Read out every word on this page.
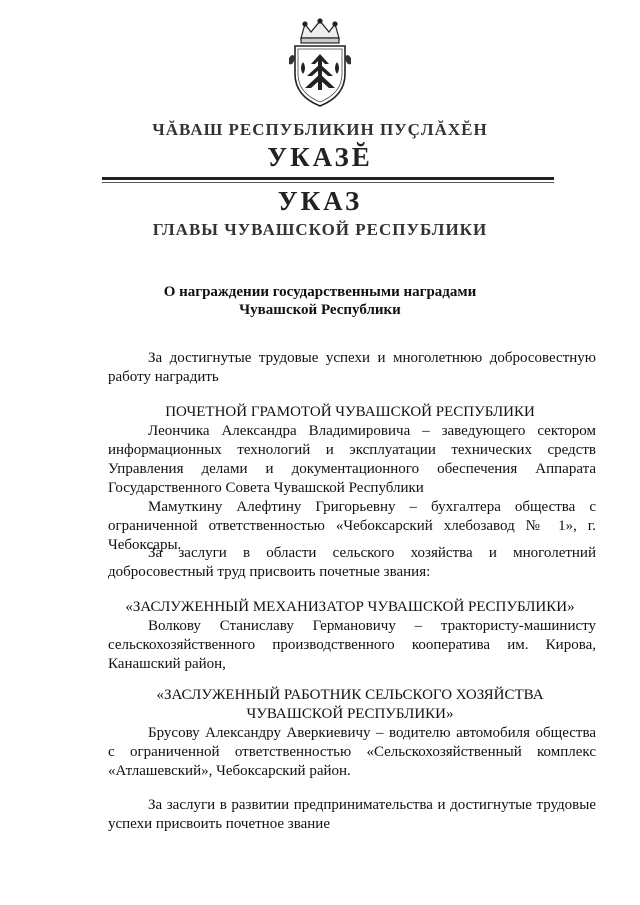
ЧĂВАШ РЕСПУБЛИКИН ПУҪЛĂХĔН
УКАЗĔ
УКАЗ
ГЛАВЫ ЧУВАШСКОЙ РЕСПУБЛИКИ

О награждении государственными наградами

Чувашской Республики

За достигнутые трудовые успехи и многолетнюю добросовестную работу наградить

ПОЧЕТНОЙ ГРАМОТОЙ ЧУВАШСКОЙ РЕСПУБЛИКИ

Леончика Александра Владимировича – заведующего сектором информационных технологий и эксплуатации технических средств Управления делами и документационного обеспечения Аппарата Государственного Совета Чувашской Республики

Мамуткину Алефтину Григорьевну – бухгалтера общества с ограниченной ответственностью «Чебоксарский хлебозавод № 1», г. Чебоксары.

За заслуги в области сельского хозяйства и многолетний добросовестный труд присвоить почетные звания:

«ЗАСЛУЖЕННЫЙ МЕХАНИЗАТОР ЧУВАШСКОЙ РЕСПУБЛИКИ»

Волкову Станиславу Германовичу – трактористу-машинисту сельскохозяйственного производственного кооператива им. Кирова, Канашский район,

«ЗАСЛУЖЕННЫЙ РАБОТНИК СЕЛЬСКОГО ХОЗЯЙСТВА

ЧУВАШСКОЙ РЕСПУБЛИКИ»

Брусову Александру Аверкиевичу – водителю автомобиля общества с ограниченной ответственностью «Сельскохозяйственный комплекс «Атлашевский», Чебоксарский район.

За заслуги в развитии предпринимательства и достигнутые трудовые успехи присвоить почетное звание
